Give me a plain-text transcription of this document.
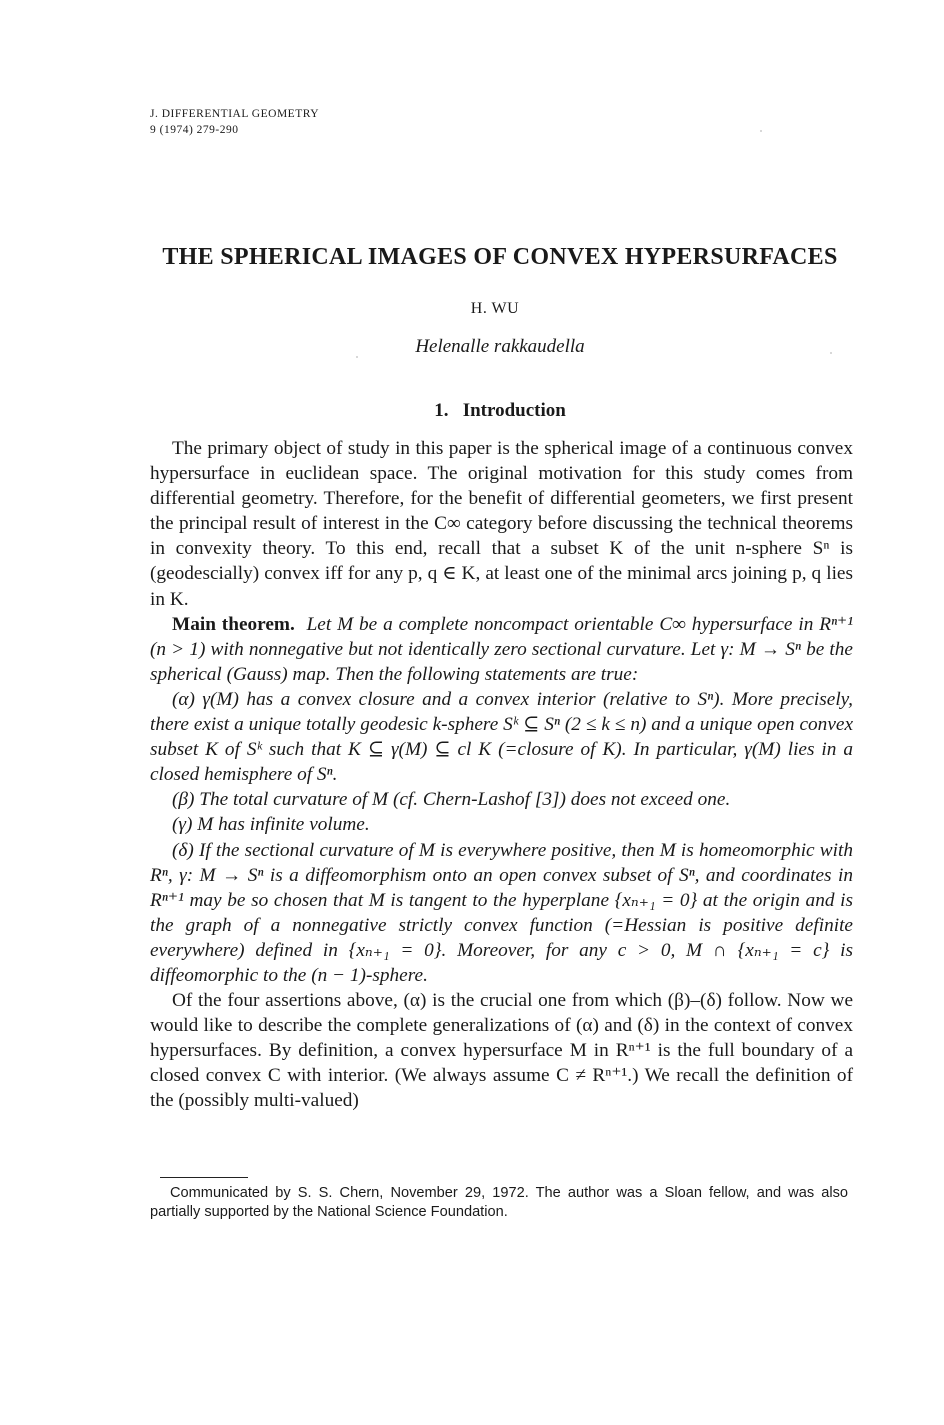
J. DIFFERENTIAL GEOMETRY
9 (1974) 279-290
THE SPHERICAL IMAGES OF CONVEX HYPERSURFACES
H. WU
Helenalle rakkaudella
1. Introduction

The primary object of study in this paper is the spherical image of a continuous convex hypersurface in euclidean space. The original motivation for this study comes from differential geometry. Therefore, for the benefit of differential geometers, we first present the principal result of interest in the C∞ category before discussing the technical theorems in convexity theory. To this end, recall that a subset K of the unit n-sphere Sⁿ is (geodescially) convex iff for any p, q ∈ K, at least one of the minimal arcs joining p, q lies in K.

Main theorem. Let M be a complete noncompact orientable C∞ hypersurface in Rⁿ⁺¹ (n > 1) with nonnegative but not identically zero sectional curvature. Let γ: M → Sⁿ be the spherical (Gauss) map. Then the following statements are true:

(α) γ(M) has a convex closure and a convex interior (relative to Sⁿ). More precisely, there exist a unique totally geodesic k-sphere Sᵏ ⊆ Sⁿ (2 ≤ k ≤ n) and a unique open convex subset K of Sᵏ such that K ⊆ γ(M) ⊆ cl K (=closure of K). In particular, γ(M) lies in a closed hemisphere of Sⁿ.

(β) The total curvature of M (cf. Chern-Lashof [3]) does not exceed one.

(γ) M has infinite volume.

(δ) If the sectional curvature of M is everywhere positive, then M is homeomorphic with Rⁿ, γ: M → Sⁿ is a diffeomorphism onto an open convex subset of Sⁿ, and coordinates in Rⁿ⁺¹ may be so chosen that M is tangent to the hyperplane {xₙ₊₁ = 0} at the origin and is the graph of a nonnegative strictly convex function (=Hessian is positive definite everywhere) defined in {xₙ₊₁ = 0}. Moreover, for any c > 0, M ∩ {xₙ₊₁ = c} is diffeomorphic to the (n − 1)-sphere.

Of the four assertions above, (α) is the crucial one from which (β)–(δ) follow. Now we would like to describe the complete generalizations of (α) and (δ) in the context of convex hypersurfaces. By definition, a convex hypersurface M in Rⁿ⁺¹ is the full boundary of a closed convex C with interior. (We always assume C ≠ Rⁿ⁺¹.) We recall the definition of the (possibly multi-valued)

Communicated by S. S. Chern, November 29, 1972. The author was a Sloan fellow, and was also partially supported by the National Science Foundation.
